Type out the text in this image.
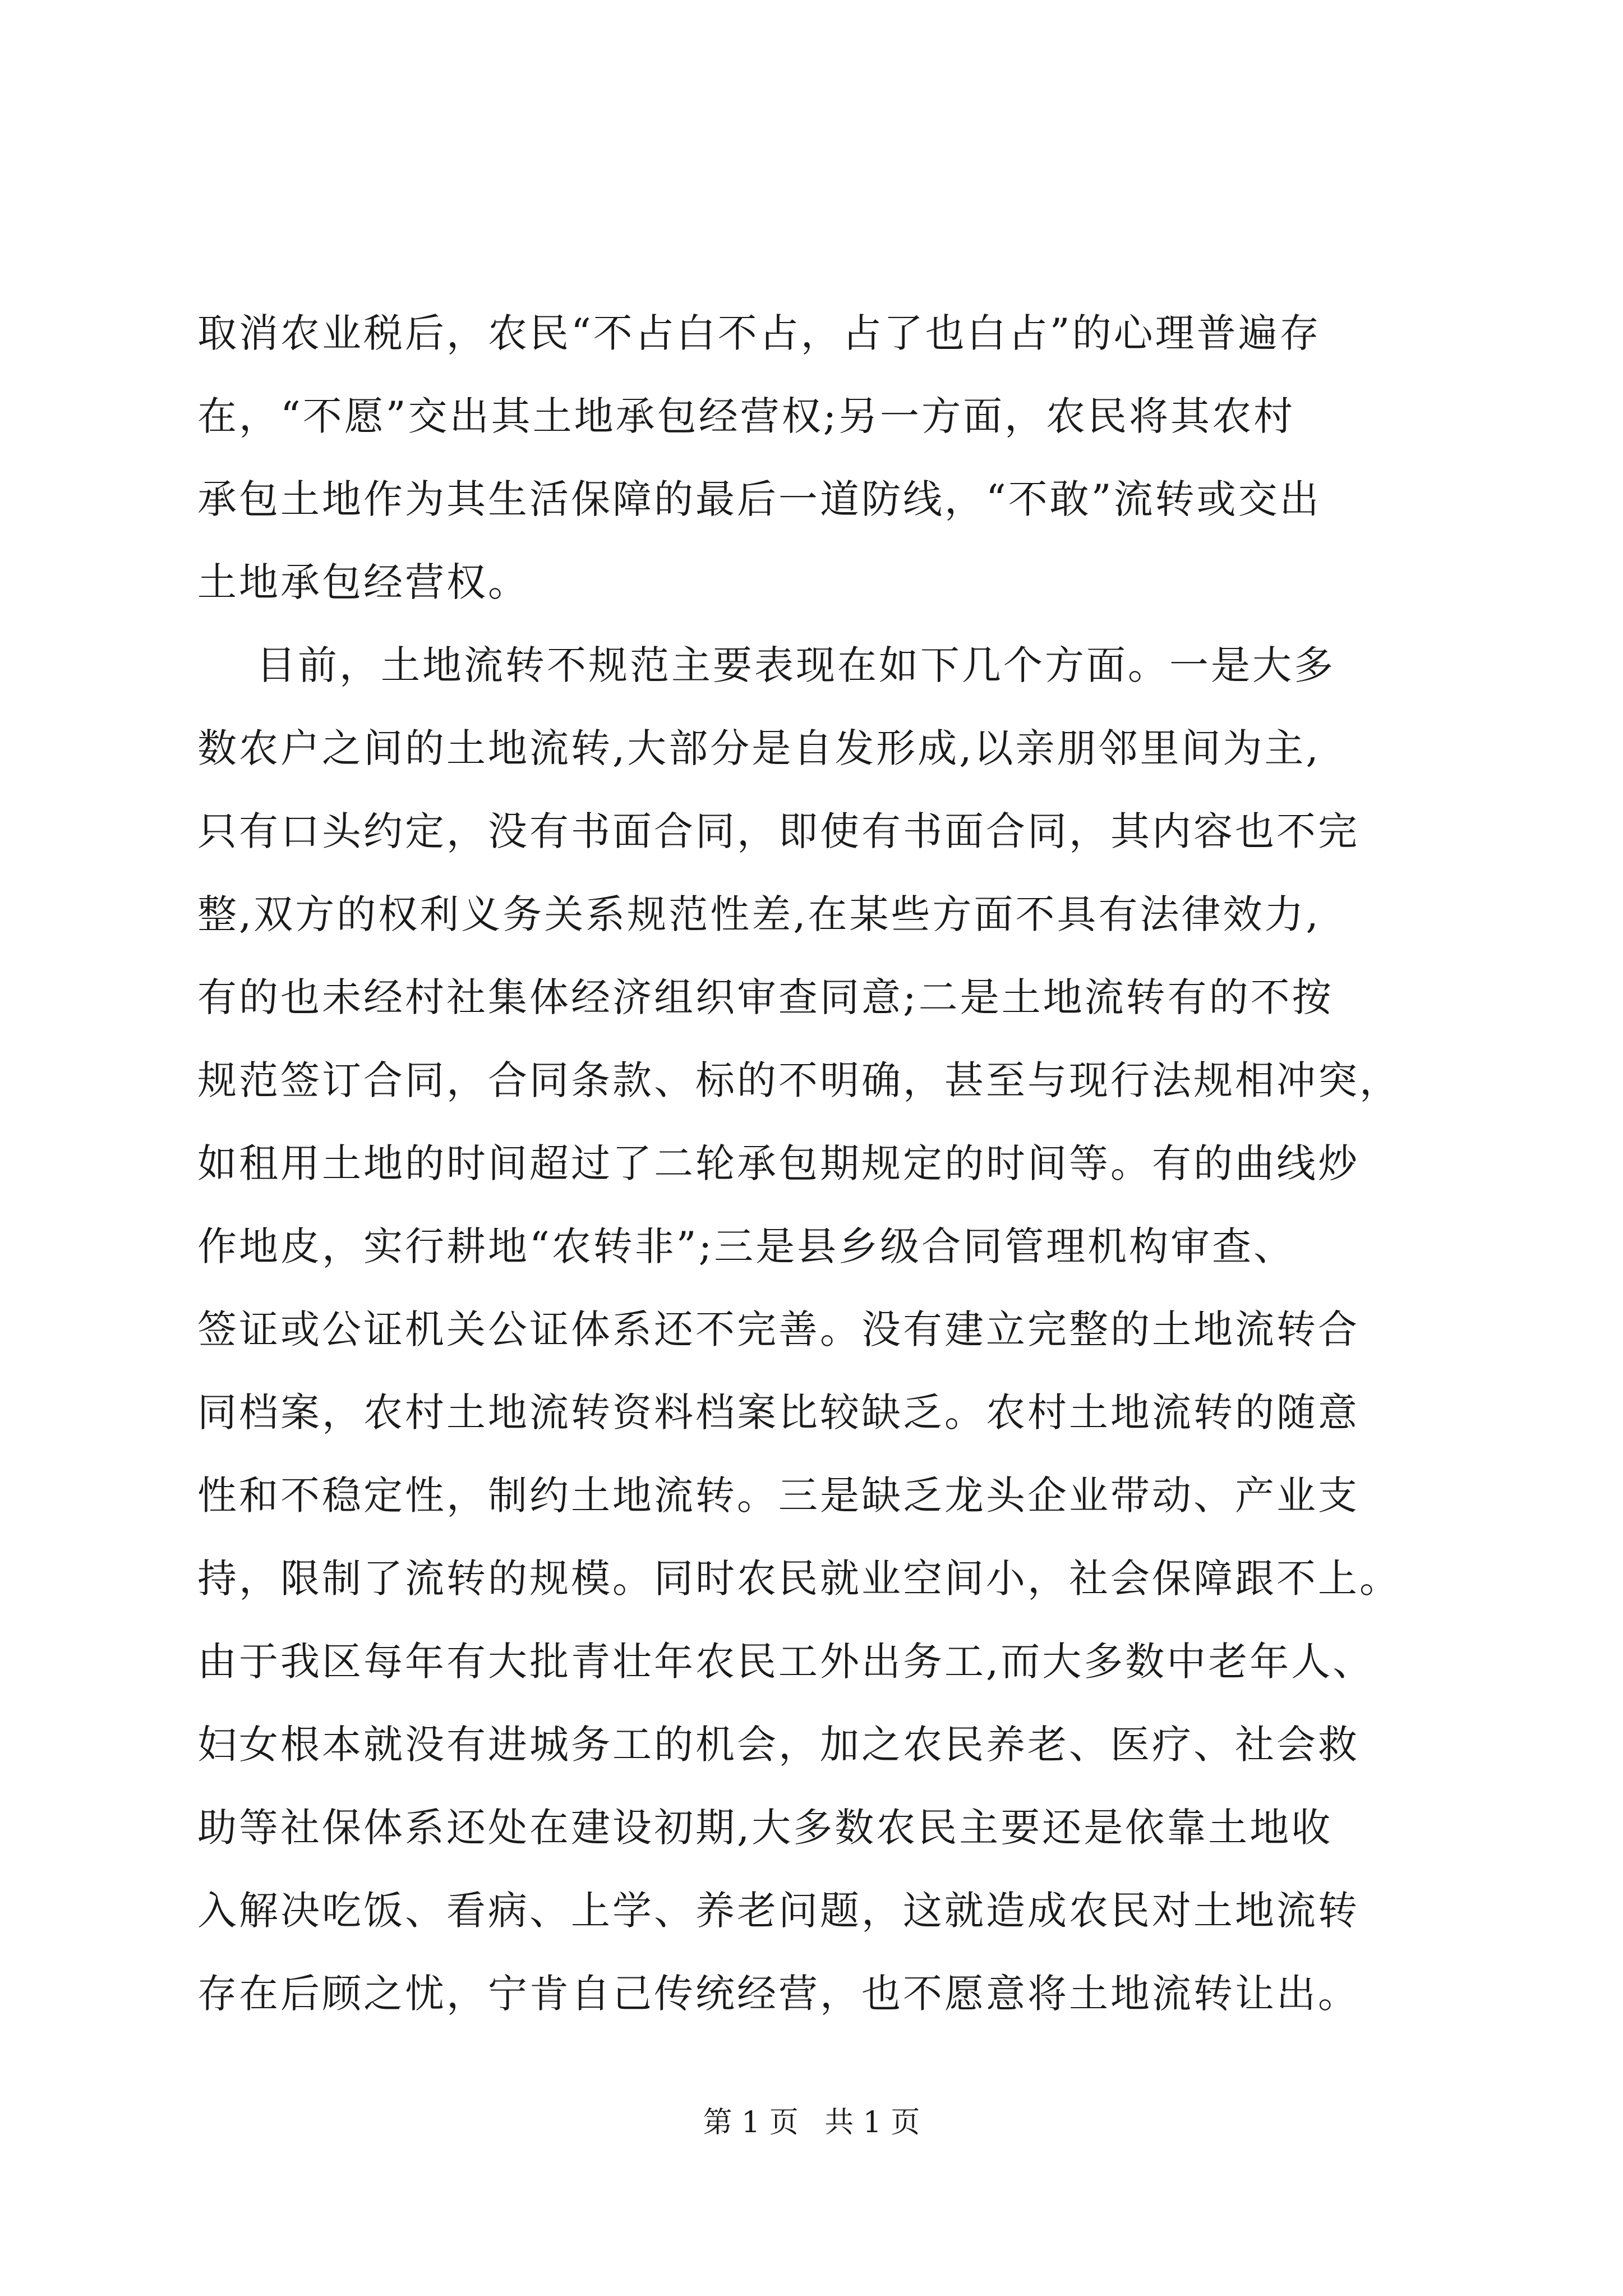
取消农业税后，农民“不占白不占，占了也白占”的心理普遍存
在，“不愿”交出其土地承包经营权;另一方面，农民将其农村
承包土地作为其生活保障的最后一道防线，“不敢”流转或交出
土地承包经营权。
目前，土地流转不规范主要表现在如下几个方面。一是大多
数农户之间的土地流转,大部分是自发形成,以亲朋邻里间为主,
只有口头约定，没有书面合同，即使有书面合同，其内容也不完
整,双方的权利义务关系规范性差,在某些方面不具有法律效力,
有的也未经村社集体经济组织审查同意;二是土地流转有的不按
规范签订合同，合同条款、标的不明确，甚至与现行法规相冲突，
如租用土地的时间超过了二轮承包期规定的时间等。有的曲线炒
作地皮，实行耕地“农转非”;三是县乡级合同管理机构审查、
签证或公证机关公证体系还不完善。没有建立完整的土地流转合
同档案，农村土地流转资料档案比较缺乏。农村土地流转的随意
性和不稳定性，制约土地流转。三是缺乏龙头企业带动、产业支
持，限制了流转的规模。同时农民就业空间小，社会保障跟不上。
由于我区每年有大批青壮年农民工外出务工,而大多数中老年人、
妇女根本就没有进城务工的机会，加之农民养老、医疗、社会救
助等社保体系还处在建设初期,大多数农民主要还是依靠土地收
入解决吃饭、看病、上学、养老问题，这就造成农民对土地流转
存在后顾之忧，宁肯自己传统经营，也不愿意将土地流转让出。
第 1 页 共 1 页
